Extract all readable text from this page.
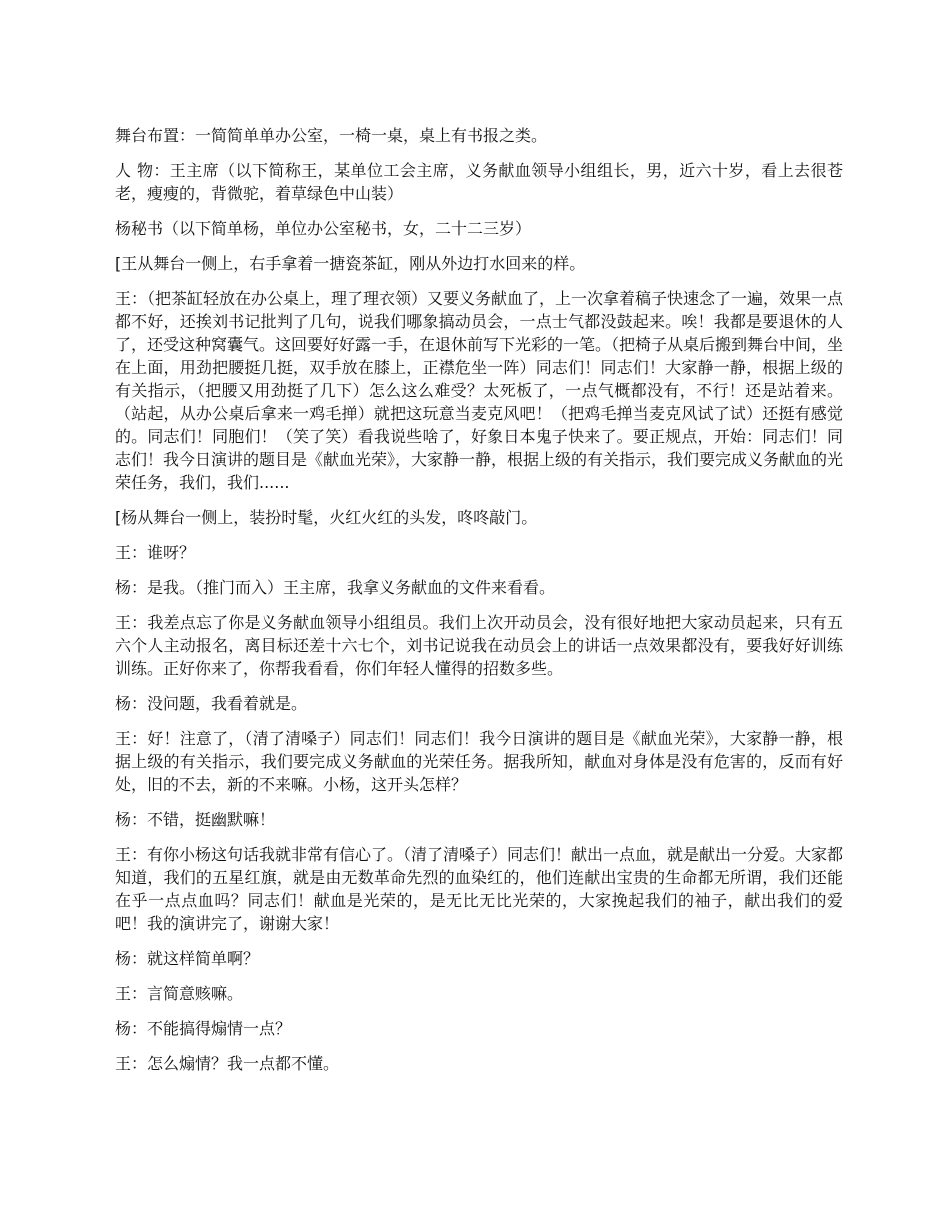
舞台布置：一简简单单办公室，一椅一桌，桌上有书报之类。

人 物：王主席（以下简称王，某单位工会主席，义务献血领导小组组长，男，近六十岁，看上去很苍老，瘦瘦的，背微驼，着草绿色中山装）

杨秘书（以下简单杨，单位办公室秘书，女，二十二三岁）

[王从舞台一侧上，右手拿着一搪瓷茶缸，刚从外边打水回来的样。

王：（把茶缸轻放在办公桌上，理了理衣领）又要义务献血了，上一次拿着稿子快速念了一遍，效果一点都不好，还挨刘书记批判了几句，说我们哪象搞动员会，一点士气都没鼓起来。唉！我都是要退休的人了，还受这种窝囊气。这回要好好露一手，在退休前写下光彩的一笔。（把椅子从桌后搬到舞台中间，坐在上面，用劲把腰挺几挺，双手放在膝上，正襟危坐一阵）同志们！同志们！大家静一静，根据上级的有关指示，（把腰又用劲挺了几下）怎么这么难受？太死板了，一点气概都没有，不行！还是站着来。（站起，从办公桌后拿来一鸡毛掸）就把这玩意当麦克风吧！（把鸡毛掸当麦克风试了试）还挺有感觉的。同志们！同胞们！（笑了笑）看我说些啥了，好象日本鬼子快来了。要正规点，开始：同志们！同志们！我今日演讲的题目是《献血光荣》，大家静一静，根据上级的有关指示，我们要完成义务献血的光荣任务，我们，我们......

[杨从舞台一侧上，装扮时髦，火红火红的头发，咚咚敲门。

王：谁呀？

杨：是我。（推门而入）王主席，我拿义务献血的文件来看看。

王：我差点忘了你是义务献血领导小组组员。我们上次开动员会，没有很好地把大家动员起来，只有五六个人主动报名，离目标还差十六七个，刘书记说我在动员会上的讲话一点效果都没有，要我好好训练训练。正好你来了，你帮我看看，你们年轻人懂得的招数多些。

杨：没问题，我看着就是。

王：好！注意了，（清了清嗓子）同志们！同志们！我今日演讲的题目是《献血光荣》，大家静一静，根据上级的有关指示，我们要完成义务献血的光荣任务。据我所知，献血对身体是没有危害的，反而有好处，旧的不去，新的不来嘛。小杨，这开头怎样？

杨：不错，挺幽默嘛！

王：有你小杨这句话我就非常有信心了。（清了清嗓子）同志们！献出一点血，就是献出一分爱。大家都知道，我们的五星红旗，就是由无数革命先烈的血染红的，他们连献出宝贵的生命都无所谓，我们还能在乎一点点血吗？同志们！献血是光荣的，是无比无比光荣的，大家挽起我们的袖子，献出我们的爱吧！我的演讲完了，谢谢大家！

杨：就这样简单啊？

王：言简意赅嘛。

杨：不能搞得煽情一点？

王：怎么煽情？我一点都不懂。
